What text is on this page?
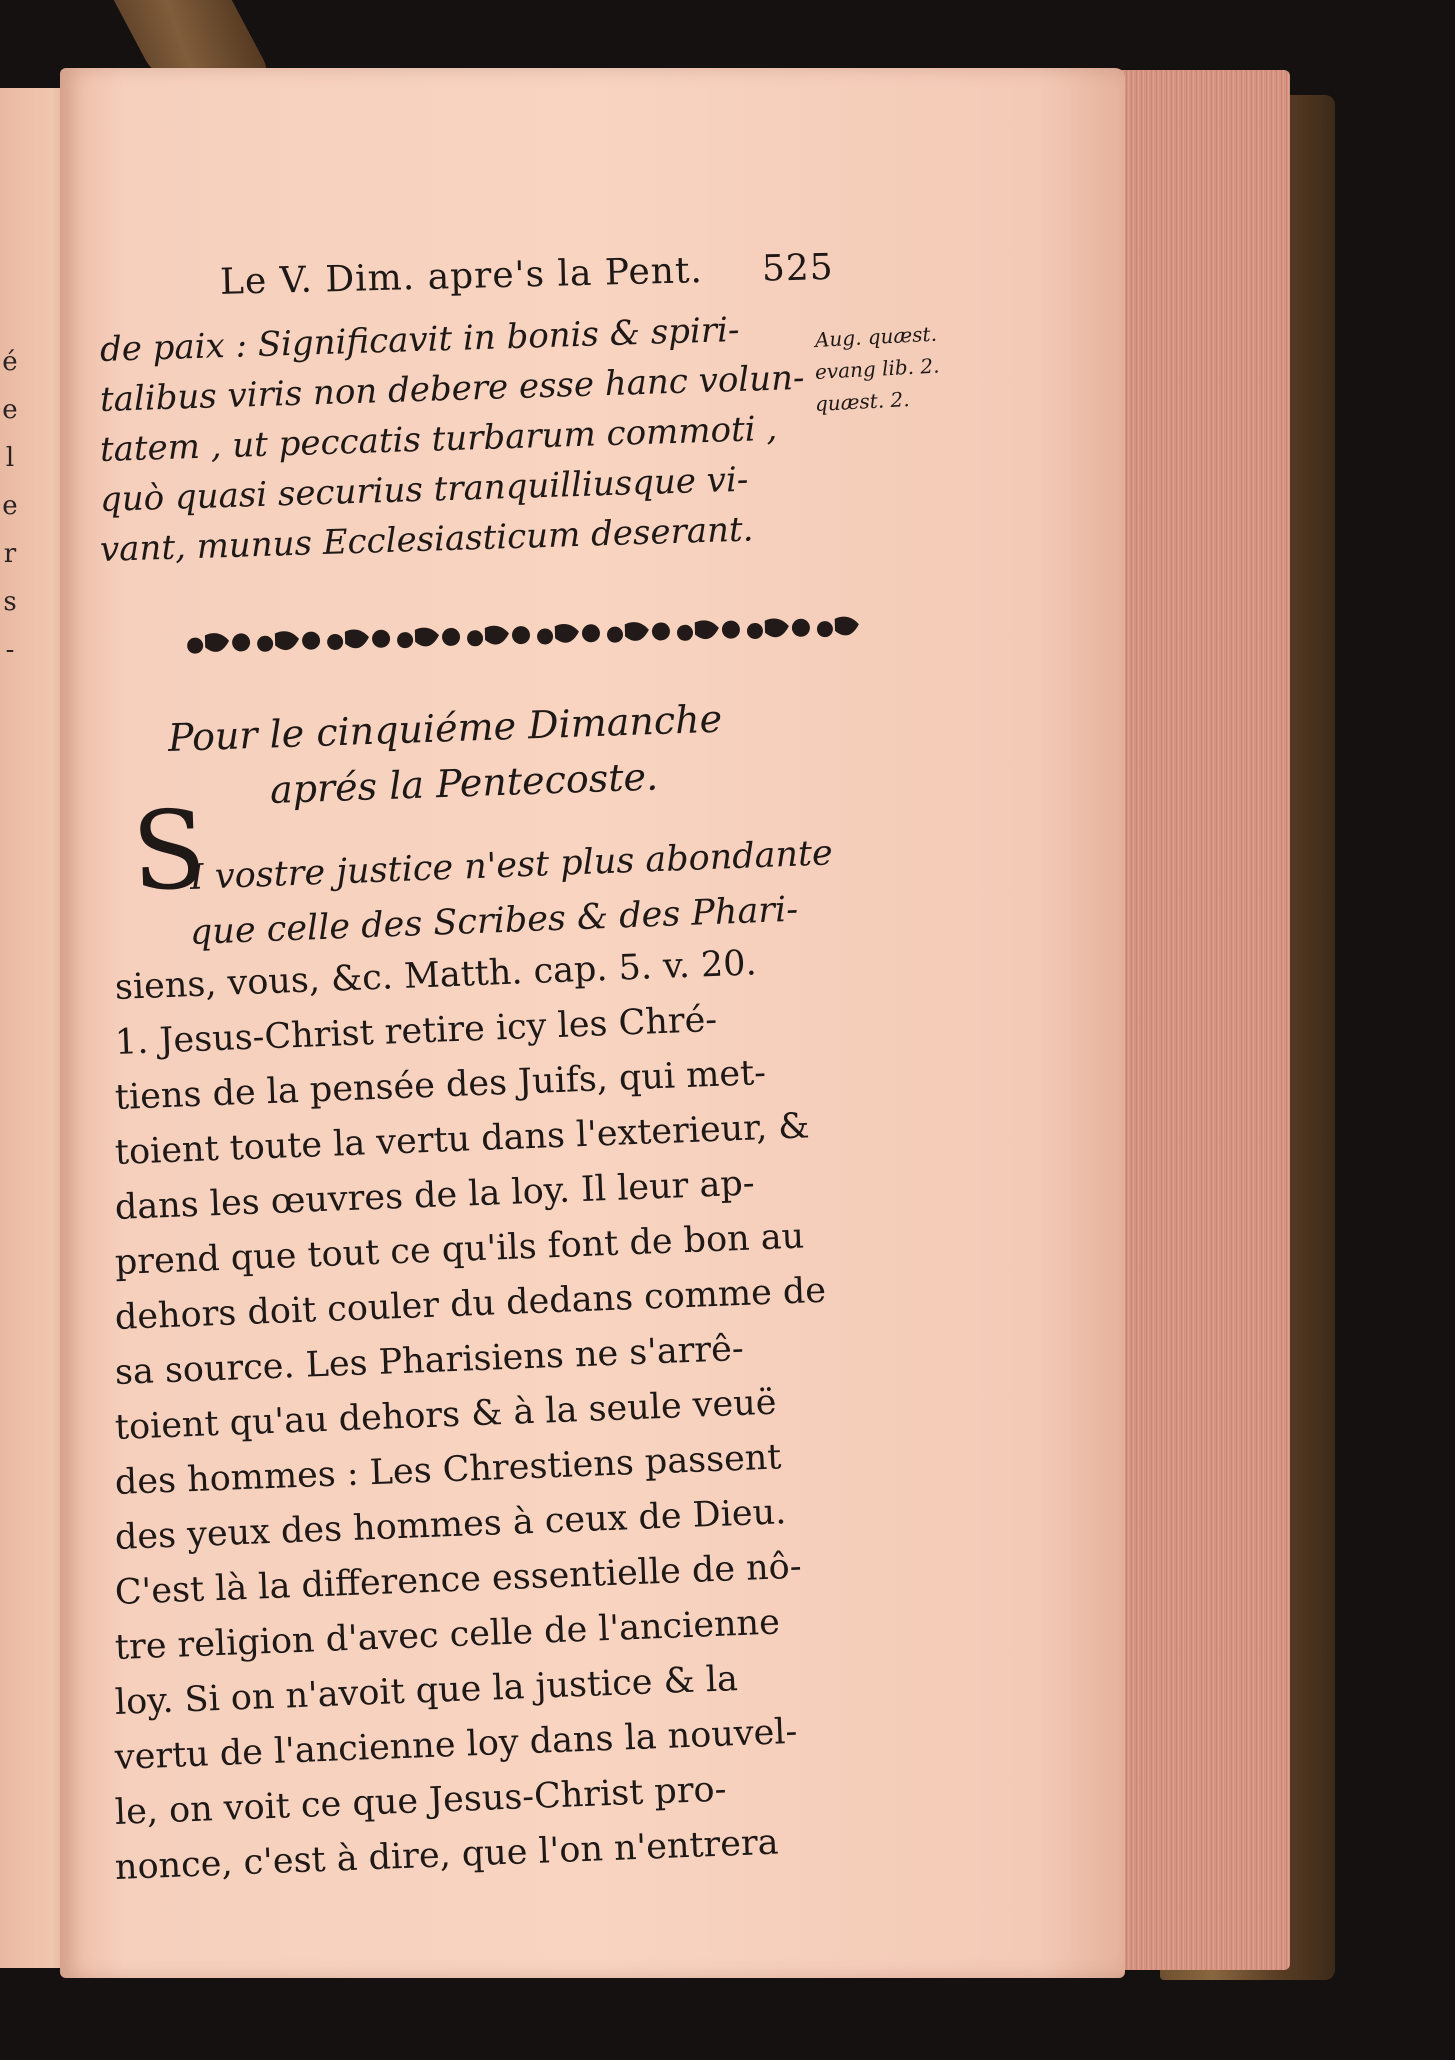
é
e
l
e
r
s
-
Le V. Dim. apre's la Pent. 525
de paix : Significavit in bonis & spiri-
talibus viris non debere esse hanc volun-
tatem , ut peccatis turbarum commoti ,
quò quasi securius tranquilliusque vi-
vant, munus Ecclesiasticum deserant.
Aug. quæst.
evang lib. 2.
quæst. 2.
Pour le cinquiéme Dimanche
aprés la Pentecoste.
S
I vostre justice n'est plus abondante
que celle des Scribes & des Phari-
siens, vous, &c. Matth. cap. 5. v. 20.
1. Jesus-Christ retire icy les Chré-
tiens de la pensée des Juifs, qui met-
toient toute la vertu dans l'exterieur, &
dans les œuvres de la loy. Il leur ap-
prend que tout ce qu'ils font de bon au
dehors doit couler du dedans comme de
sa source. Les Pharisiens ne s'arrê-
toient qu'au dehors & à la seule veuë
des hommes : Les Chrestiens passent
des yeux des hommes à ceux de Dieu.
C'est là la difference essentielle de nô-
tre religion d'avec celle de l'ancienne
loy. Si on n'avoit que la justice & la
vertu de l'ancienne loy dans la nouvel-
le, on voit ce que Jesus-Christ pro-
nonce, c'est à dire, que l'on n'entrera
